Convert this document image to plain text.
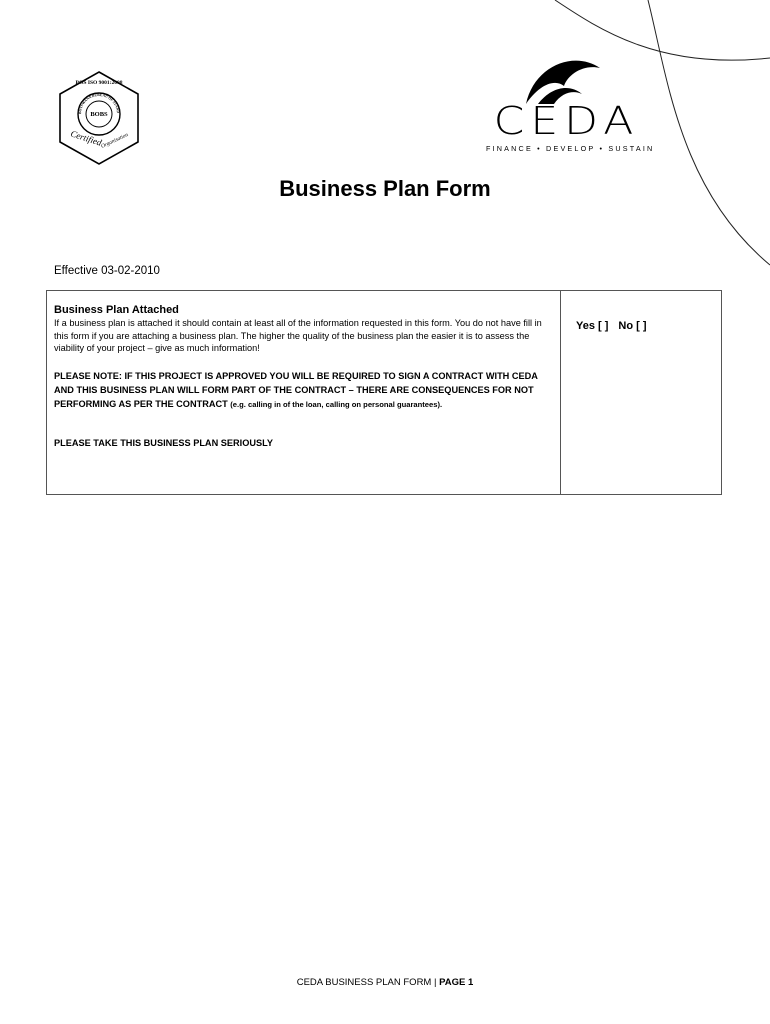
BOS ISO 9001:2008
BOBS
BOTSWANA BUREAU OF STAND
Certified
Organisation	CEDA
FINANCE • DEVELOP • SUSTAIN
Business Plan Form
Effective 03-02-2010

Business Plan Attached

If a business plan is attached it should contain at least all of the information requested in this form. You do not have fill in this form if you are attaching a business plan. The higher the quality of the business plan the easier it is to assess the viability of your project – give as much information!

PLEASE NOTE: IF THIS PROJECT IS APPROVED YOU WILL BE REQUIRED TO SIGN A CONTRACT WITH CEDA AND THIS BUSINESS PLAN WILL FORM PART OF THE CONTRACT – THERE ARE CONSEQUENCES FOR NOT PERFORMING AS PER THE CONTRACT (e.g. calling in of the loan, calling on personal guarantees).

PLEASE TAKE THIS BUSINESS PLAN SERIOUSLY

Yes [ ] No [ ]
CEDA BUSINESS PLAN FORM | PAGE 1
